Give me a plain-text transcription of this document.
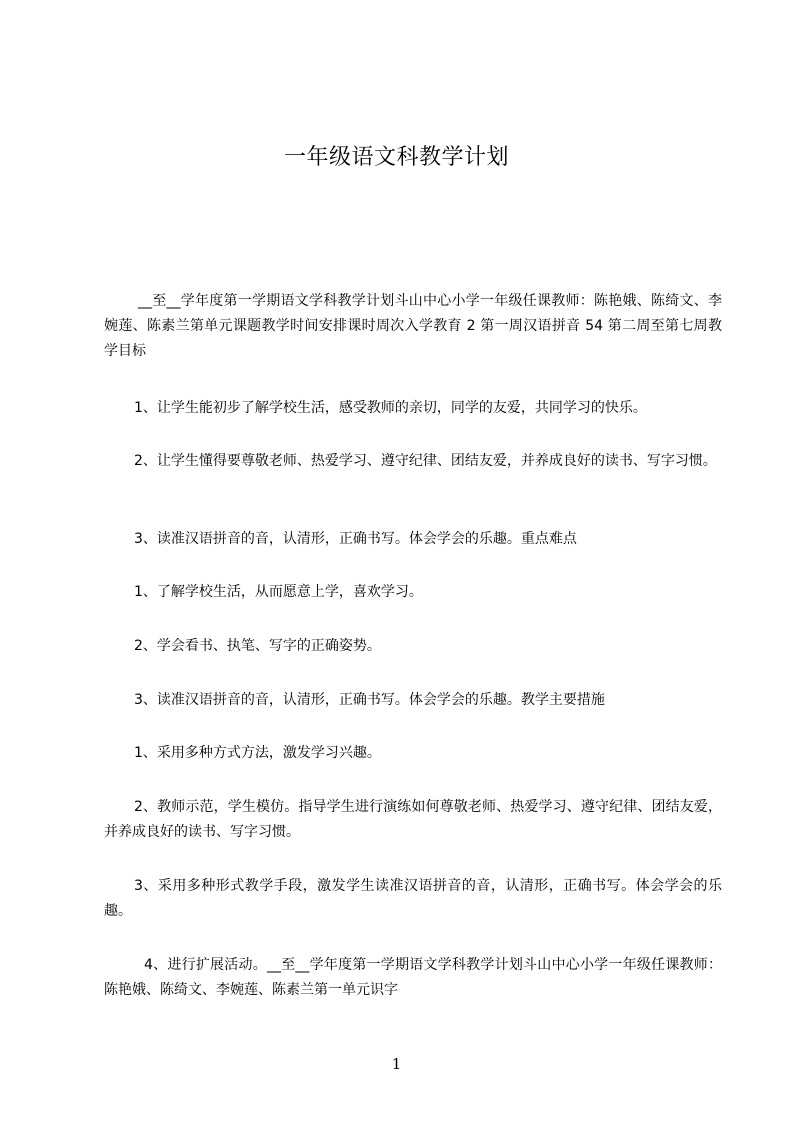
一年级语文科教学计划
__至__学年度第一学期语文学科教学计划斗山中心小学一年级任课教师：陈艳娥、陈绮文、李婉莲、陈素兰第单元课题教学时间安排课时周次入学教育 2 第一周汉语拼音 54 第二周至第七周教学目标
1、让学生能初步了解学校生活，感受教师的亲切，同学的友爱，共同学习的快乐。
2、让学生懂得要尊敬老师、热爱学习、遵守纪律、团结友爱，并养成良好的读书、写字习惯。
3、读准汉语拼音的音，认清形，正确书写。体会学会的乐趣。重点难点
1、了解学校生活，从而愿意上学，喜欢学习。
2、学会看书、执笔、写字的正确姿势。
3、读准汉语拼音的音，认清形，正确书写。体会学会的乐趣。教学主要措施
1、采用多种方式方法，激发学习兴趣。
2、教师示范，学生模仿。指导学生进行演练如何尊敬老师、热爱学习、遵守纪律、团结友爱，并养成良好的读书、写字习惯。
3、采用多种形式教学手段，激发学生读准汉语拼音的音，认清形，正确书写。体会学会的乐趣。
4、进行扩展活动。__至__学年度第一学期语文学科教学计划斗山中心小学一年级任课教师：陈艳娥、陈绮文、李婉莲、陈素兰第一单元识字
1
